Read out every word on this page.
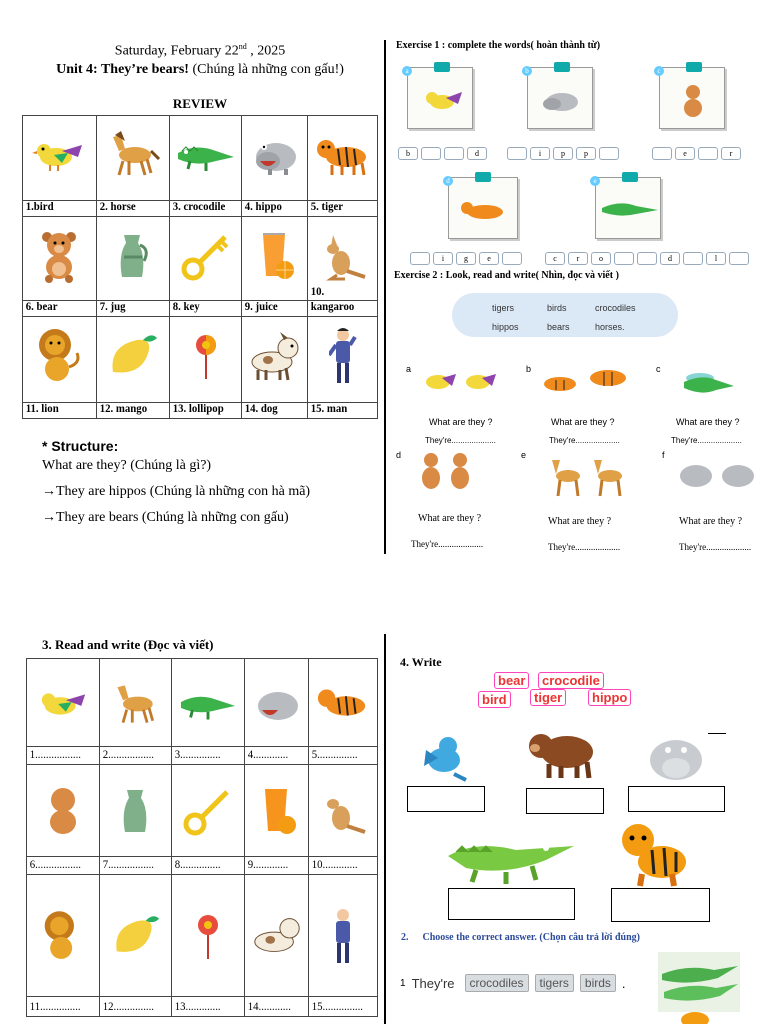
Saturday, February 22nd , 2025
Unit 4: They’re bears! (Chúng là những con gấu!)
REVIEW
1.bird	2. horse	3. crocodile	4. hippo	5. tiger

6. bear	7. jug	8. key	9. juice	10. kangaroo

11. lion	12. mango	13. lollipop	14. dog	15. man
* Structure:
What are they? (Chúng là gì?)
→They are hippos (Chúng là những con hà mã)
→They are bears (Chúng là những con gấu)
Exercise 1 : complete the words( hoàn thành từ)
a	b	c
b	d	i p p	e	r
d	e
i g e	c r o	d	l
Exercise 2 : Look, read and write( Nhìn, đọc và viết )
tigers	birds	crocodiles
hippos	bears	horses.
a	b	c
What are they ?	What are they ?	What are they ?
They're....................	They're....................	They're....................
d	e	f
What are they ?	What are they ?	What are they ?
They're....................	They're....................	They're....................
3. Read and write (Đọc và viết)
1.................	2.................	3...............	4.............	5...............

6.................	7.................	8...............	9.............	10.............

11...............	12...............	13.............	14............	15...............
4. Write
bear	crocodile
bird	tiger	hippo
2. Choose the correct answer. (Chọn câu trả lời đúng)
1 They're	crocodiles	tigers	birds .
